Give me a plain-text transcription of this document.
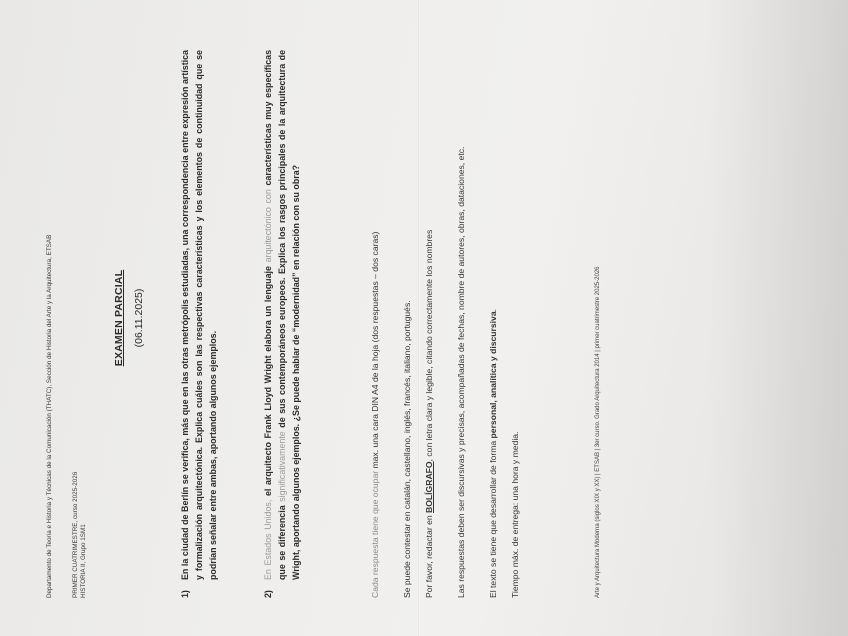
Departamento de Teoría e Historia y Técnicas de la Comunicación (THATC), Sección de Historia del Arte y la Arquitectura, ETSAB	PRIMER CUATRIMESTRE, curso 2025-2026 HISTORIA II, Grupo 1SM1
EXAMEN PARCIAL (06.11.2025)
1)
En la ciudad de Berlín se verifica, más que en las otras metrópolis estudiadas, una correspondencia entre expresión artística y formalización arquitectónica. Explica cuáles son las respectivas características y los elementos de continuidad que se podrían señalar entre ambas, aportando algunos ejemplos.
2)
En Estados Unidos, el arquitecto Frank Lloyd Wright elabora un lenguaje arquitectónico con características muy específicas que se diferencia significativamente de sus contemporáneos europeos. Explica los rasgos principales de la arquitectura de Wright, aportando algunos ejemplos. ¿Se puede hablar de “modernidad” en relación con su obra?	Cada respuesta tiene que ocupar max. una cara DIN A4 de la hoja (dos respuestas – dos caras)	Se puede contestar en catalán, castellano, inglés, francés, italiano, portugués. Por favor, redactar en BOLÍGRAFO, con letra clara y legible, citando correctamente los nombres	Las respuestas deben ser discursivas y precisas, acompañadas de fechas, nombre de autores, obras, dataciones, etc.	El texto se tiene que desarrollar de forma personal, analítica y discursiva.
Tiempo máx. de entrega: una hora y media.	Arte y Arquitectura Moderna (siglos XIX y XX) | ETSAB | 3er curso. Grado Arquitectura 2014 | primer cuatrimestre 2025-2026
